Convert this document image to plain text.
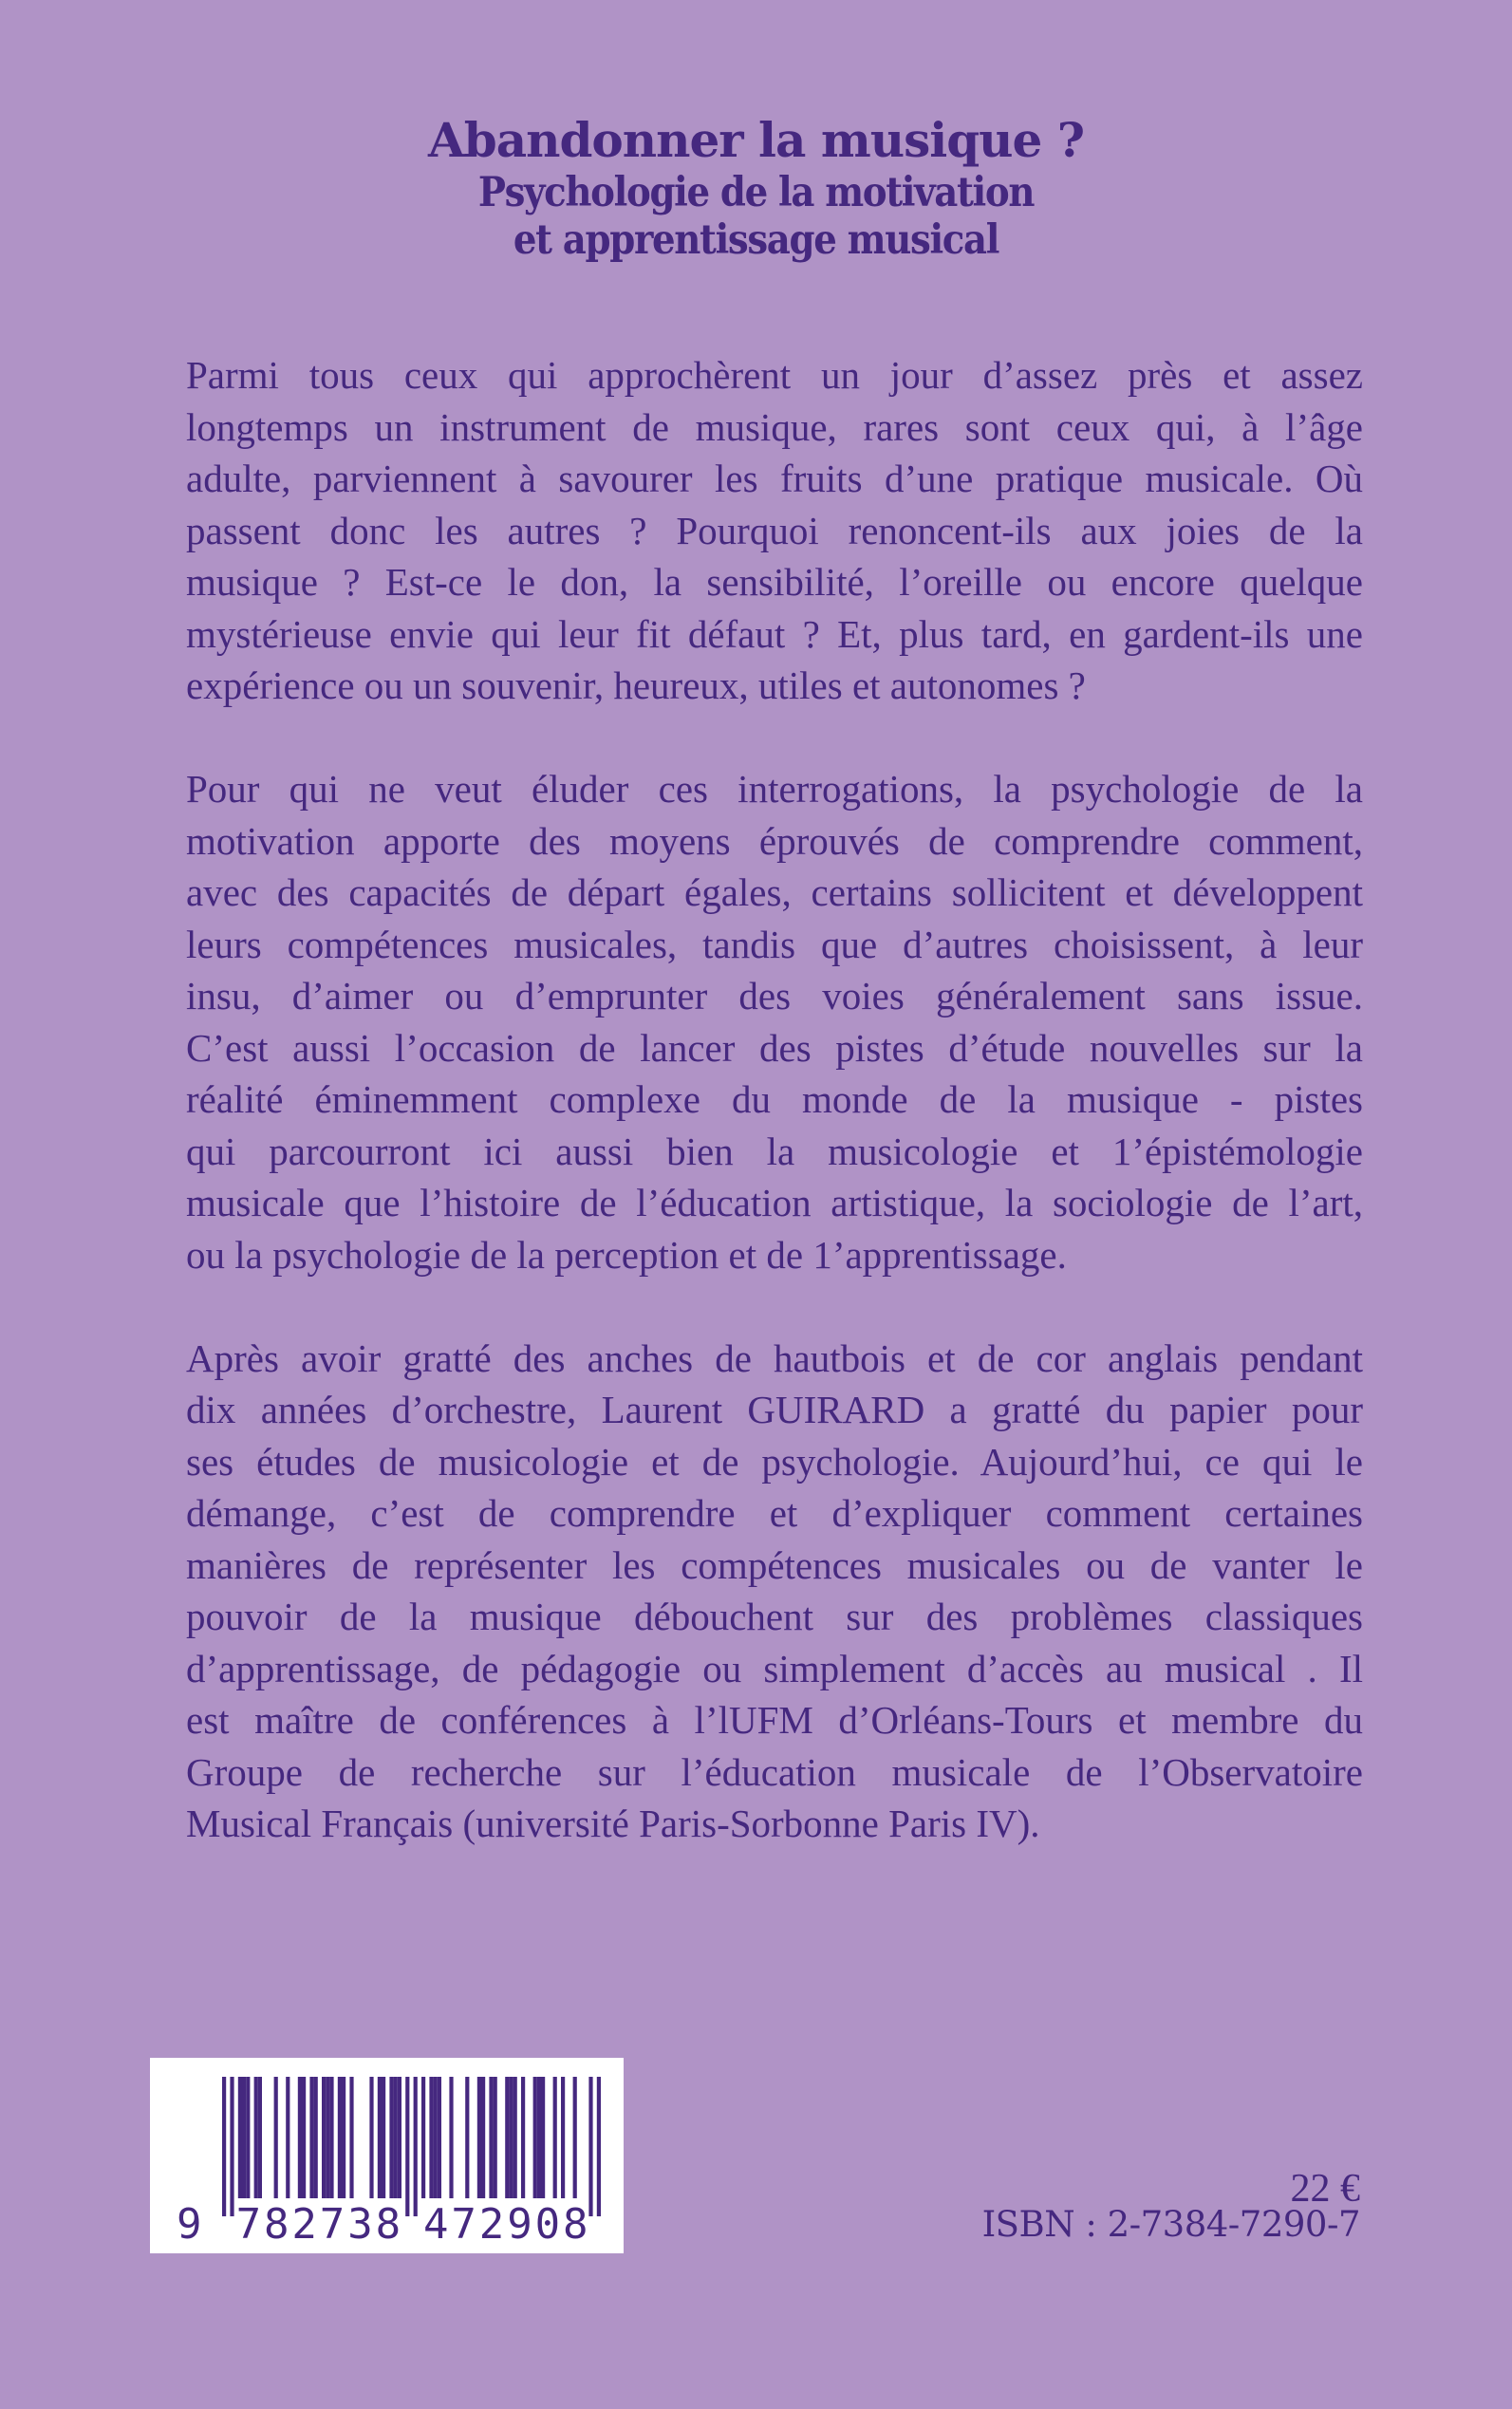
Abandonner la musique ?
Psychologie de la motivation
et apprentissage musical
Parmi tous ceux qui approchèrent un jour d’assez près et assez
longtemps un instrument de musique, rares sont ceux qui, à l’âge
adulte, parviennent à savourer les fruits d’une pratique musicale. Où
passent donc les autres ? Pourquoi renoncent-ils aux joies de la
musique ? Est-ce le don, la sensibilité, l’oreille ou encore quelque
mystérieuse envie qui leur fit défaut ? Et, plus tard, en gardent-ils une
expérience ou un souvenir, heureux, utiles et autonomes ?
Pour qui ne veut éluder ces interrogations, la psychologie de la
motivation apporte des moyens éprouvés de comprendre comment,
avec des capacités de départ égales, certains sollicitent et développent
leurs compétences musicales, tandis que d’autres choisissent, à leur
insu, d’aimer ou d’emprunter des voies généralement sans issue.
C’est aussi l’occasion de lancer des pistes d’étude nouvelles sur la
réalité éminemment complexe du monde de la musique - pistes
qui parcourront ici aussi bien la musicologie et 1’épistémologie
musicale que l’histoire de l’éducation artistique, la sociologie de l’art,
ou la psychologie de la perception et de 1’apprentissage.
Après avoir gratté des anches de hautbois et de cor anglais pendant
dix années d’orchestre, Laurent GUIRARD a gratté du papier pour
ses études de musicologie et de psychologie. Aujourd’hui, ce qui le
démange, c’est de comprendre et d’expliquer comment certaines
manières de représenter les compétences musicales ou de vanter le
pouvoir de la musique débouchent sur des problèmes classiques
d’apprentissage, de pédagogie ou simplement d’accès au musical . Il
est maître de conférences à l’lUFM d’Orléans-Tours et membre du
Groupe de recherche sur l’éducation musicale de l’Observatoire
Musical Français (université Paris-Sorbonne Paris IV).
9 7 8 2 7 3 8 4 7 2 9 0 8
22 €
ISBN : 2-7384-7290-7
